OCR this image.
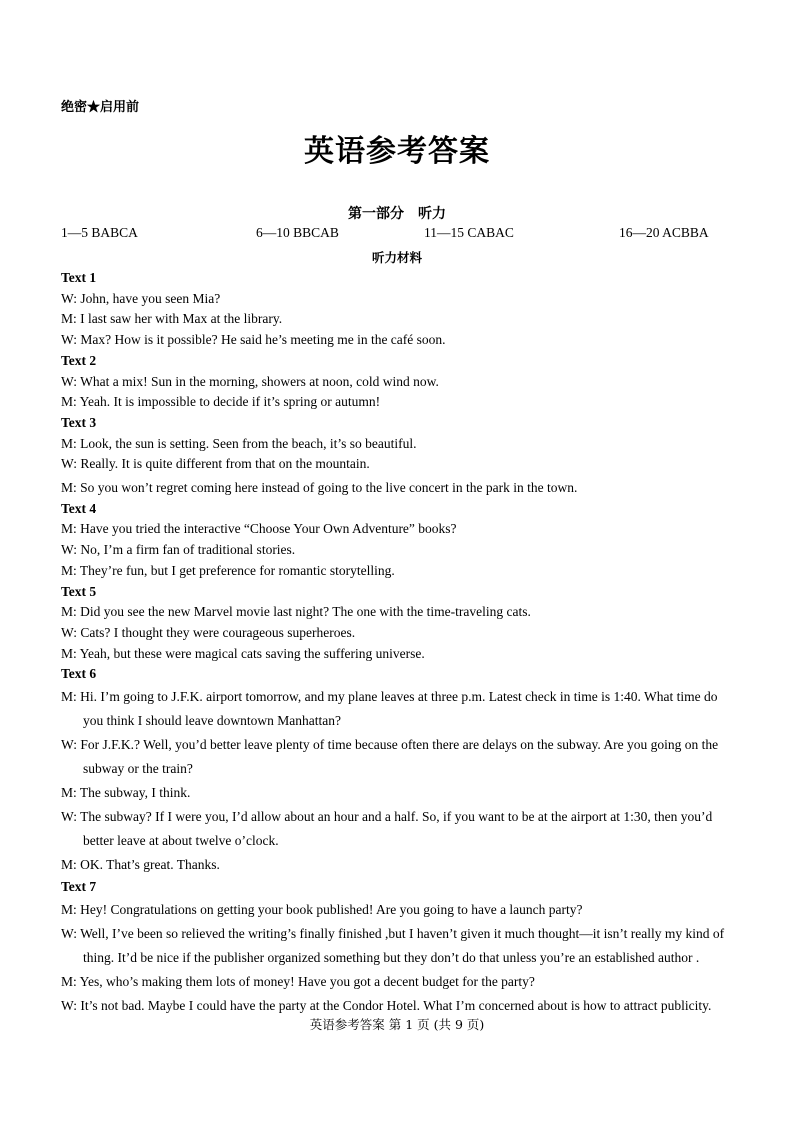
绝密★启用前
英语参考答案
第一部分　听力
1—5 BABCA	6—10 BBCAB	11—15 CABAC	16—20 ACBBA
听力材料
Text 1
W: John, have you seen Mia?
M: I last saw her with Max at the library.
W: Max? How is it possible? He said he’s meeting me in the café soon.
Text 2
W: What a mix! Sun in the morning, showers at noon, cold wind now.
M: Yeah. It is impossible to decide if it’s spring or autumn!
Text 3
M: Look, the sun is setting. Seen from the beach, it’s so beautiful.
W: Really. It is quite different from that on the mountain.
M: So you won’t regret coming here instead of going to the live concert in the park in the town.
Text 4
M: Have you tried the interactive “Choose Your Own Adventure” books?
W: No, I’m a firm fan of traditional stories.
M: They’re fun, but I get preference for romantic storytelling.
Text 5
M: Did you see the new Marvel movie last night? The one with the time-traveling cats.
W: Cats? I thought they were courageous superheroes.
M: Yeah, but these were magical cats saving the suffering universe.
Text 6
M: Hi. I’m going to J.F.K. airport tomorrow, and my plane leaves at three p.m. Latest check in time is 1:40. What time do you think I should leave downtown Manhattan?
W: For J.F.K.? Well, you’d better leave plenty of time because often there are delays on the subway. Are you going on the subway or the train?
M: The subway, I think.
W: The subway? If I were you, I’d allow about an hour and a half. So, if you want to be at the airport at 1:30, then you’d better leave at about twelve o’clock.
M: OK. That’s great. Thanks.
Text 7
M: Hey! Congratulations on getting your book published! Are you going to have a launch party?
W: Well, I’ve been so relieved the writing’s finally finished ,but I haven’t given it much thought—it isn’t really my kind of thing. It’d be nice if the publisher organized something but they don’t do that unless you’re an established author .
M: Yes, who’s making them lots of money! Have you got a decent budget for the party?
W: It’s not bad. Maybe I could have the party at the Condor Hotel. What I’m concerned about is how to attract publicity.
英语参考答案 第 1 页 (共 9 页)
